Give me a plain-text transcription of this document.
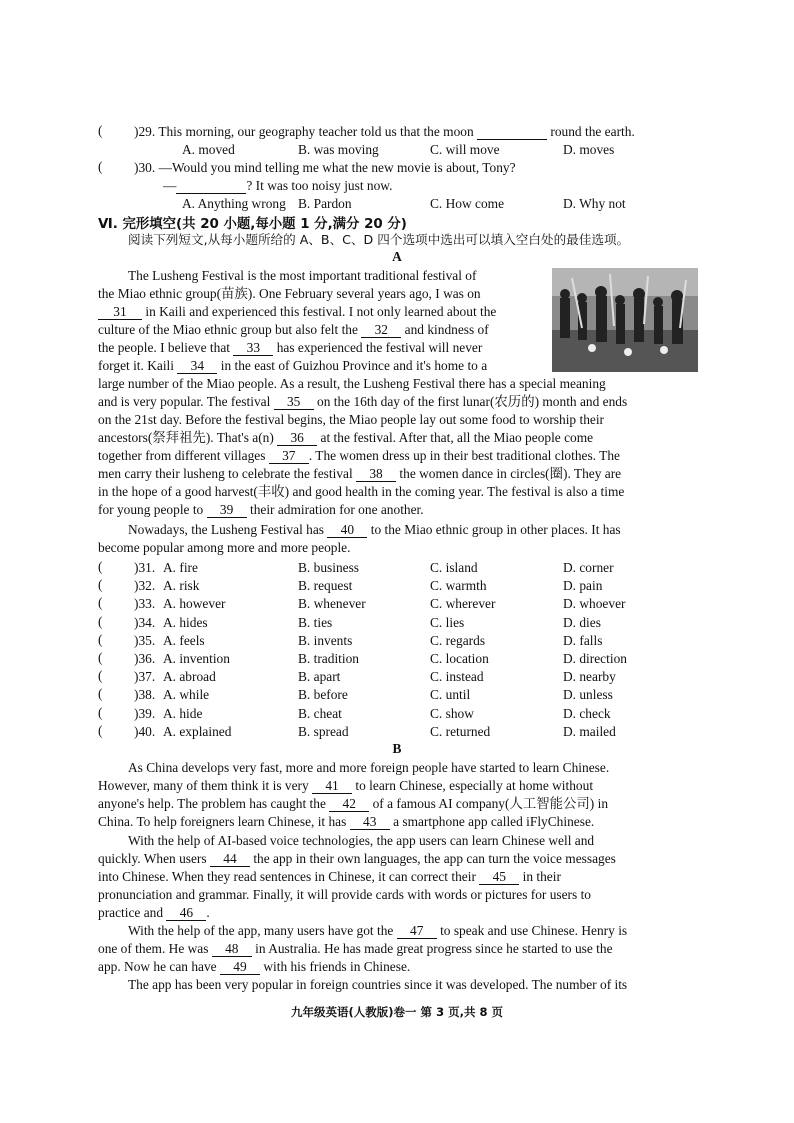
( )29. This morning, our geography teacher told us that the moon	round the earth.
A. moved	B. was moving	C. will move	D. moves
( )30. —Would you mind telling me what the new movie is about, Tony?
—	? It was too noisy just now.
A. Anything wrong B. Pardon	C. How come	D. Why not
Ⅵ. 完形填空(共 20 小题,每小题 1 分,满分 20 分)
阅读下列短文,从每小题所给的 A、B、C、D 四个选项中选出可以填入空白处的最佳选项。
A
The Lusheng Festival is the most important traditional festival of
the Miao ethnic group(苗族). One February several years ago, I was on
31 in Kaili and experienced this festival. I not only learned about the
culture of the Miao ethnic group but also felt the 32 and kindness of
the people. I believe that 33 has experienced the festival will never
forget it. Kaili 34 in the east of Guizhou Province and it's home to a
large number of the Miao people. As a result, the Lusheng Festival there has a special meaning
and is very popular. The festival 35 on the 16th day of the first lunar(农历的) month and ends
on the 21st day. Before the festival begins, the Miao people lay out some food to worship their
ancestors(祭拜祖先). That's a(n) 36 at the festival. After that, all the Miao people come
together from different villages 37 . The women dress up in their best traditional clothes. The
men carry their lusheng to celebrate the festival 38 the women dance in circles(圈). They are
in the hope of a good harvest(丰收) and good health in the coming year. The festival is also a time
for young people to 39 their admiration for one another.
Nowadays, the Lusheng Festival has 40 to the Miao ethnic group in other places. It has
become popular among more and more people.
( )31. A. fire	B. business	C. island	D. corner
( )32. A. risk	B. request	C. warmth	D. pain
( )33. A. however	B. whenever	C. wherever	D. whoever
( )34. A. hides	B. ties	C. lies	D. dies
( )35. A. feels	B. invents	C. regards	D. falls
( )36. A. invention	B. tradition	C. location	D. direction
( )37. A. abroad	B. apart	C. instead	D. nearby
( )38. A. while	B. before	C. until	D. unless
( )39. A. hide	B. cheat	C. show	D. check
( )40. A. explained	B. spread	C. returned	D. mailed
B
As China develops very fast, more and more foreign people have started to learn Chinese.
However, many of them think it is very 41 to learn Chinese, especially at home without
anyone's help. The problem has caught the 42 of a famous AI company(人工智能公司) in
China. To help foreigners learn Chinese, it has 43 a smartphone app called iFlyChinese.
With the help of AI-based voice technologies, the app users can learn Chinese well and
quickly. When users 44 the app in their own languages, the app can turn the voice messages
into Chinese. When they read sentences in Chinese, it can correct their 45 in their
pronunciation and grammar. Finally, it will provide cards with words or pictures for users to
practice and 46 .
With the help of the app, many users have got the 47 to speak and use Chinese. Henry is
one of them. He was 48 in Australia. He has made great progress since he started to use the
app. Now he can have 49 with his friends in Chinese.
The app has been very popular in foreign countries since it was developed. The number of its
九年级英语(人教版)卷一 第 3 页,共 8 页
